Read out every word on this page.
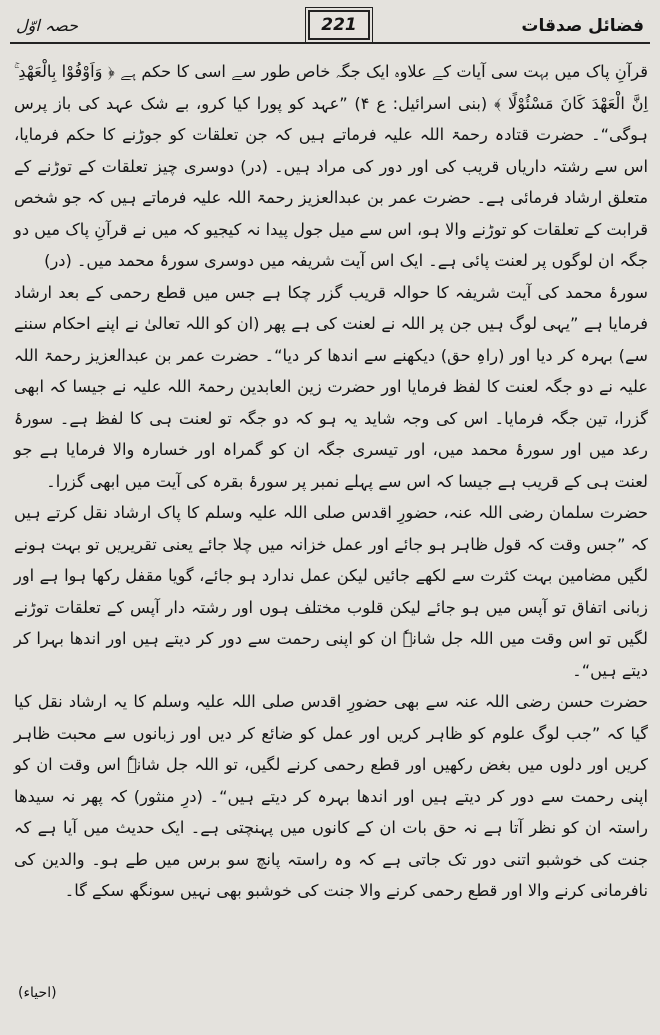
حصہ اوّل	221	فضائل صدقات

قرآنِ پاک میں بہت سی آیات کے علاوہ ایک جگہ خاص طور سے اسی کا حکم ہے ﴿ وَاَوْفُوْا بِالْعَهْدِ ۚ اِنَّ الْعَهْدَ كَانَ مَسْئُوْلًا ﴾ (بنی اسرائیل: ع ۴) ”عہد کو پورا کیا کرو، بے شک عہد کی باز پرس ہوگی“۔ حضرت قتادہ رحمۃ اللہ علیہ فرماتے ہیں کہ جن تعلقات کو جوڑنے کا حکم فرمایا، اس سے رشتہ داریاں قریب کی اور دور کی مراد ہیں۔ (در) دوسری چیز تعلقات کے توڑنے کے متعلق ارشاد فرمائی ہے۔ حضرت عمر بن عبدالعزیز رحمۃ اللہ علیہ فرماتے ہیں کہ جو شخص قرابت کے تعلقات کو توڑنے والا ہو، اس سے میل جول پیدا نہ کیجیو کہ میں نے قرآنِ پاک میں دو جگہ ان لوگوں پر لعنت پائی ہے۔ ایک اس آیت شریفہ میں دوسری سورۂ محمد میں۔ (در)

سورۂ محمد کی آیت شریفہ کا حوالہ قریب گزر چکا ہے جس میں قطع رحمی کے بعد ارشاد فرمایا ہے ”یہی لوگ ہیں جن پر اللہ نے لعنت کی ہے پھر (ان کو اللہ تعالیٰ نے اپنے احکام سننے سے) بہرہ کر دیا اور (راہِ حق) دیکھنے سے اندھا کر دیا“۔ حضرت عمر بن عبدالعزیز رحمۃ اللہ علیہ نے دو جگہ لعنت کا لفظ فرمایا اور حضرت زین العابدین رحمۃ اللہ علیہ نے جیسا کہ ابھی گزرا، تین جگہ فرمایا۔ اس کی وجہ شاید یہ ہو کہ دو جگہ تو لعنت ہی کا لفظ ہے۔ سورۂ رعد میں اور سورۂ محمد میں، اور تیسری جگہ ان کو گمراہ اور خسارہ والا فرمایا ہے جو لعنت ہی کے قریب ہے جیسا کہ اس سے پہلے نمبر پر سورۂ بقرہ کی آیت میں ابھی گزرا۔

حضرت سلمان رضی اللہ عنہ، حضورِ اقدس صلی اللہ علیہ وسلم کا پاک ارشاد نقل کرتے ہیں کہ ”جس وقت کہ قول ظاہر ہو جائے اور عمل خزانہ میں چلا جائے یعنی تقریریں تو بہت ہونے لگیں مضامین بہت کثرت سے لکھے جائیں لیکن عمل ندارد ہو جائے، گویا مقفل رکھا ہوا ہے اور زبانی اتفاق تو آپس میں ہو جائے لیکن قلوب مختلف ہوں اور رشتہ دار آپس کے تعلقات توڑنے لگیں تو اس وقت میں اللہ جل شانہٗ ان کو اپنی رحمت سے دور کر دیتے ہیں اور اندھا بہرا کر دیتے ہیں“۔

حضرت حسن رضی اللہ عنہ سے بھی حضورِ اقدس صلی اللہ علیہ وسلم کا یہ ارشاد نقل کیا گیا کہ ”جب لوگ علوم کو ظاہر کریں اور عمل کو ضائع کر دیں اور زبانوں سے محبت ظاہر کریں اور دلوں میں بغض رکھیں اور قطع رحمی کرنے لگیں، تو اللہ جل شانہٗ اس وقت ان کو اپنی رحمت سے دور کر دیتے ہیں اور اندھا بہرہ کر دیتے ہیں“۔ (درِ منثور) کہ پھر نہ سیدھا راستہ ان کو نظر آتا ہے نہ حق بات ان کے کانوں میں پہنچتی ہے۔ ایک حدیث میں آیا ہے کہ جنت کی خوشبو اتنی دور تک جاتی ہے کہ وہ راستہ پانچ سو برس میں طے ہو۔ والدین کی نافرمانی کرنے والا اور قطع رحمی کرنے والا جنت کی خوشبو بھی نہیں سونگھ سکے گا۔

(احیاء)
